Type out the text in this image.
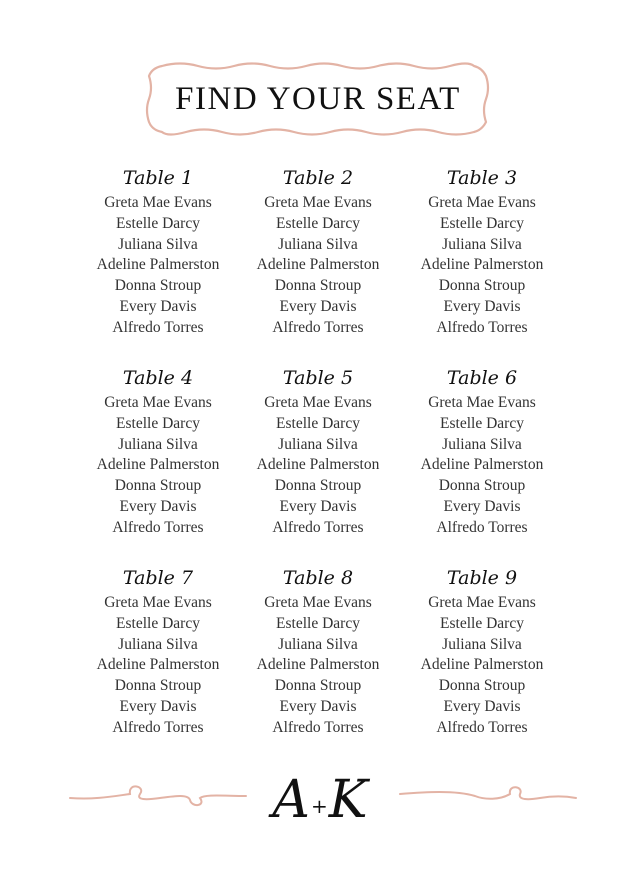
FIND YOUR SEAT
Table 1
Greta Mae Evans
Estelle Darcy
Juliana Silva
Adeline Palmerston
Donna Stroup
Every Davis
Alfredo Torres
Table 2
Greta Mae Evans
Estelle Darcy
Juliana Silva
Adeline Palmerston
Donna Stroup
Every Davis
Alfredo Torres
Table 3
Greta Mae Evans
Estelle Darcy
Juliana Silva
Adeline Palmerston
Donna Stroup
Every Davis
Alfredo Torres
Table 4
Greta Mae Evans
Estelle Darcy
Juliana Silva
Adeline Palmerston
Donna Stroup
Every Davis
Alfredo Torres
Table 5
Greta Mae Evans
Estelle Darcy
Juliana Silva
Adeline Palmerston
Donna Stroup
Every Davis
Alfredo Torres
Table 6
Greta Mae Evans
Estelle Darcy
Juliana Silva
Adeline Palmerston
Donna Stroup
Every Davis
Alfredo Torres
Table 7
Greta Mae Evans
Estelle Darcy
Juliana Silva
Adeline Palmerston
Donna Stroup
Every Davis
Alfredo Torres
Table 8
Greta Mae Evans
Estelle Darcy
Juliana Silva
Adeline Palmerston
Donna Stroup
Every Davis
Alfredo Torres
Table 9
Greta Mae Evans
Estelle Darcy
Juliana Silva
Adeline Palmerston
Donna Stroup
Every Davis
Alfredo Torres
A + K
